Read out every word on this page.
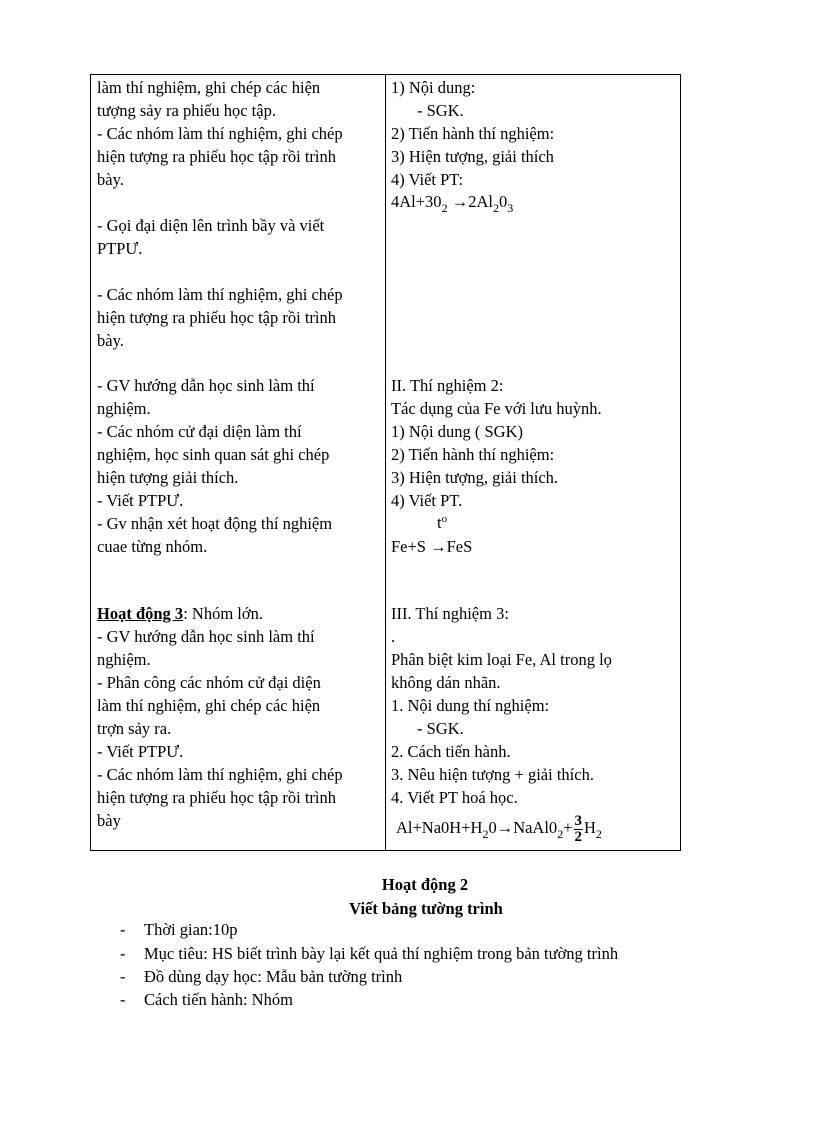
làm thí nghiệm, ghi chép các hiện
tượng sảy ra phiếu học tập.
- Các nhóm làm thí nghiệm, ghi chép
hiện tượng ra phiếu học tập rồi trình
bày.
- Gọi đại diện lên trình bầy và viết
PTPƯ.
- Các nhóm làm thí nghiệm, ghi chép
hiện tượng ra phiếu học tập rồi trình
bày.
- GV hướng dẫn học sinh làm thí
nghiệm.
- Các nhóm cử đại diện làm thí
nghiệm, học sinh quan sát ghi chép
hiện tượng giải thích.
- Viết PTPƯ.
- Gv nhận xét hoạt động thí nghiệm
cuae từng nhóm.
Hoạt động 3: Nhóm lớn.
- GV hướng dẫn học sinh làm thí
nghiệm.
- Phân công các nhóm cử đại diện
làm thí nghiệm, ghi chép các hiện
trợn sảy ra.
- Viết PTPƯ.
- Các nhóm làm thí nghiệm, ghi chép
hiện tượng ra phiếu học tập rồi trình
bày
1) Nội dung:
- SGK.
2) Tiến hành thí nghiệm:
3) Hiện tượng, giải thích
4) Viết PT:
$4Al+30_2 \to 2Al_20_3$
II. Thí nghiệm 2:
Tác dụng của Fe với lưu huỳnh.
1) Nội dung ( SGK)
2) Tiến hành thí nghiệm:
3) Hiện tượng, giải thích.
4) Viết PT.
$t^o$
Fe+S →FeS
III. Thí nghiệm 3:
.
Phân biệt kim loại Fe, Al trong lọ
không dán nhãn.
1. Nội dung thí nghiệm:
- SGK.
2. Cách tiến hành.
3. Nêu hiện tượng + giải thích.
4. Viết PT hoá học.
$Al+Na0H+H_20\to NaAl0_2+ \frac{3}{2} H_2$
Hoạt động 2
Viết bảng tường trình
- Thời gian:10p
- Mục tiêu: HS biết trình bày lại kết quả thí nghiệm trong bản tường trình
- Đồ dùng dạy học: Mẫu bản tường trình
- Cách tiến hành: Nhóm
